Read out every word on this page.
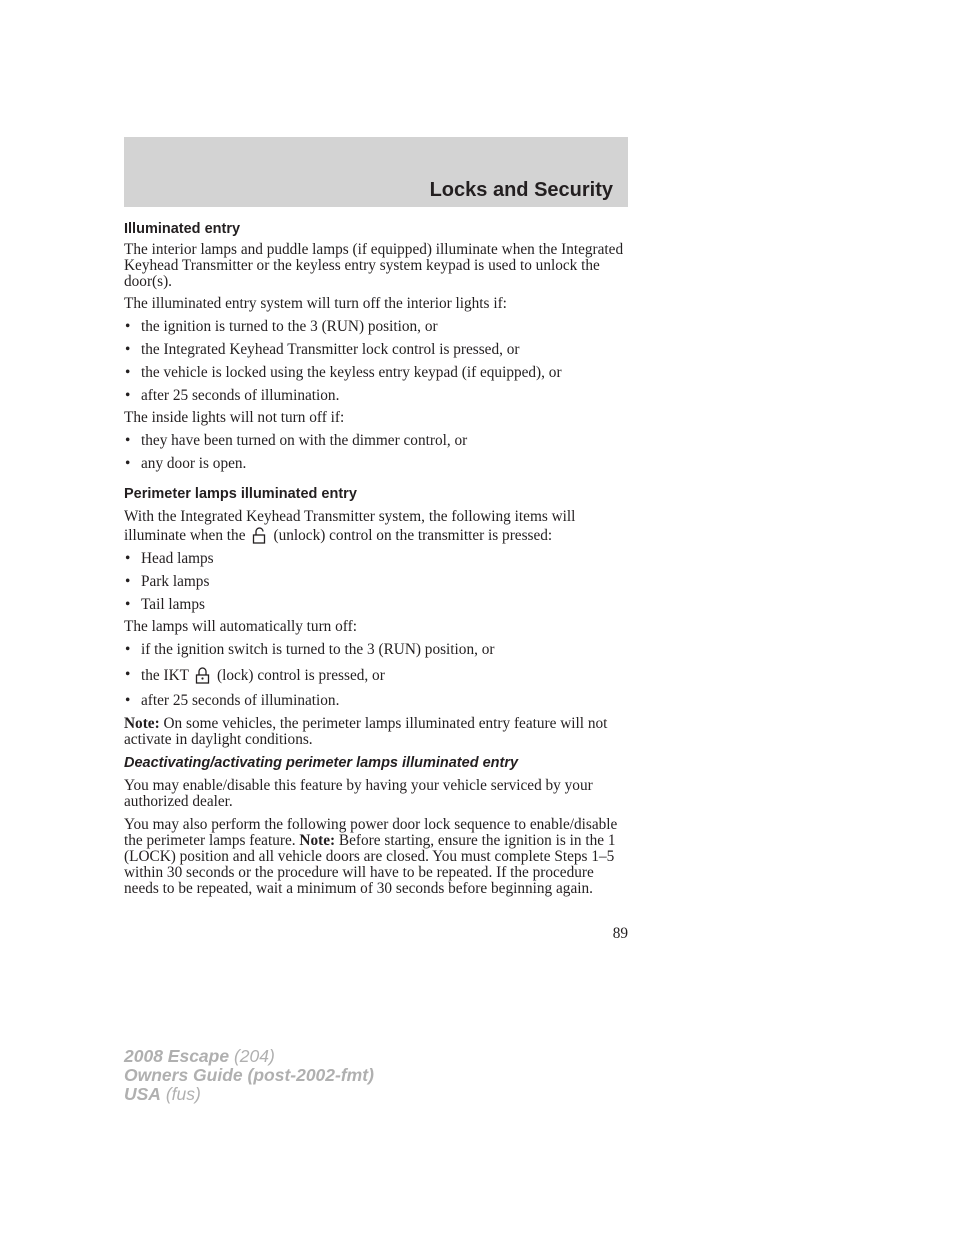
Locks and Security
Illuminated entry

The interior lamps and puddle lamps (if equipped) illuminate when the Integrated Keyhead Transmitter or the keyless entry system keypad is used to unlock the door(s).

The illuminated entry system will turn off the interior lights if:

• the ignition is turned to the 3 (RUN) position, or
• the Integrated Keyhead Transmitter lock control is pressed, or
• the vehicle is locked using the keyless entry keypad (if equipped), or
• after 25 seconds of illumination.

The inside lights will not turn off if:

• they have been turned on with the dimmer control, or
• any door is open.
Perimeter lamps illuminated entry

With the Integrated Keyhead Transmitter system, the following items will illuminate when the (unlock) control on the transmitter is pressed:

• Head lamps
• Park lamps
• Tail lamps

The lamps will automatically turn off:

• if the ignition switch is turned to the 3 (RUN) position, or
• the IKT (lock) control is pressed, or
• after 25 seconds of illumination.

Note: On some vehicles, the perimeter lamps illuminated entry feature will not activate in daylight conditions.

Deactivating/activating perimeter lamps illuminated entry

You may enable/disable this feature by having your vehicle serviced by your authorized dealer.

You may also perform the following power door lock sequence to enable/disable the perimeter lamps feature. Note: Before starting, ensure the ignition is in the 1 (LOCK) position and all vehicle doors are closed. You must complete Steps 1–5 within 30 seconds or the procedure will have to be repeated. If the procedure needs to be repeated, wait a minimum of 30 seconds before beginning again.

89

2008 Escape (204)
Owners Guide (post-2002-fmt)
USA (fus)
